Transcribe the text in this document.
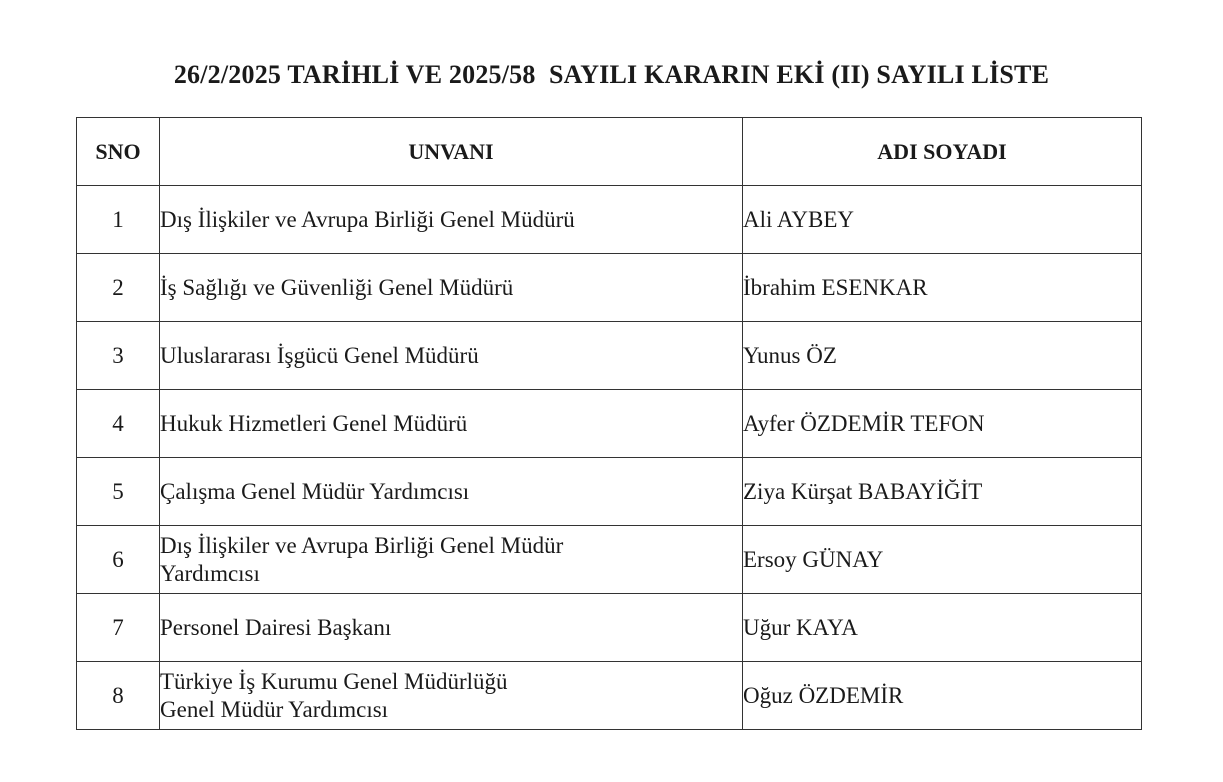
26/2/2025 TARİHLİ VE 2025/58  SAYILI KARARIN EKİ (II) SAYILI LİSTE
SNO	UNVANI	ADI SOYADI
1	Dış İlişkiler ve Avrupa Birliği Genel Müdürü	Ali AYBEY
2	İş Sağlığı ve Güvenliği Genel Müdürü	İbrahim ESENKAR
3	Uluslararası İşgücü Genel Müdürü	Yunus ÖZ
4	Hukuk Hizmetleri Genel Müdürü	Ayfer ÖZDEMİR TEFON
5	Çalışma Genel Müdür Yardımcısı	Ziya Kürşat BABAYİĞİT
6	Dış İlişkiler ve Avrupa Birliği Genel Müdür
Yardımcısı	Ersoy GÜNAY
7	Personel Dairesi Başkanı	Uğur KAYA
8	Türkiye İş Kurumu Genel Müdürlüğü
Genel Müdür Yardımcısı	Oğuz ÖZDEMİR
